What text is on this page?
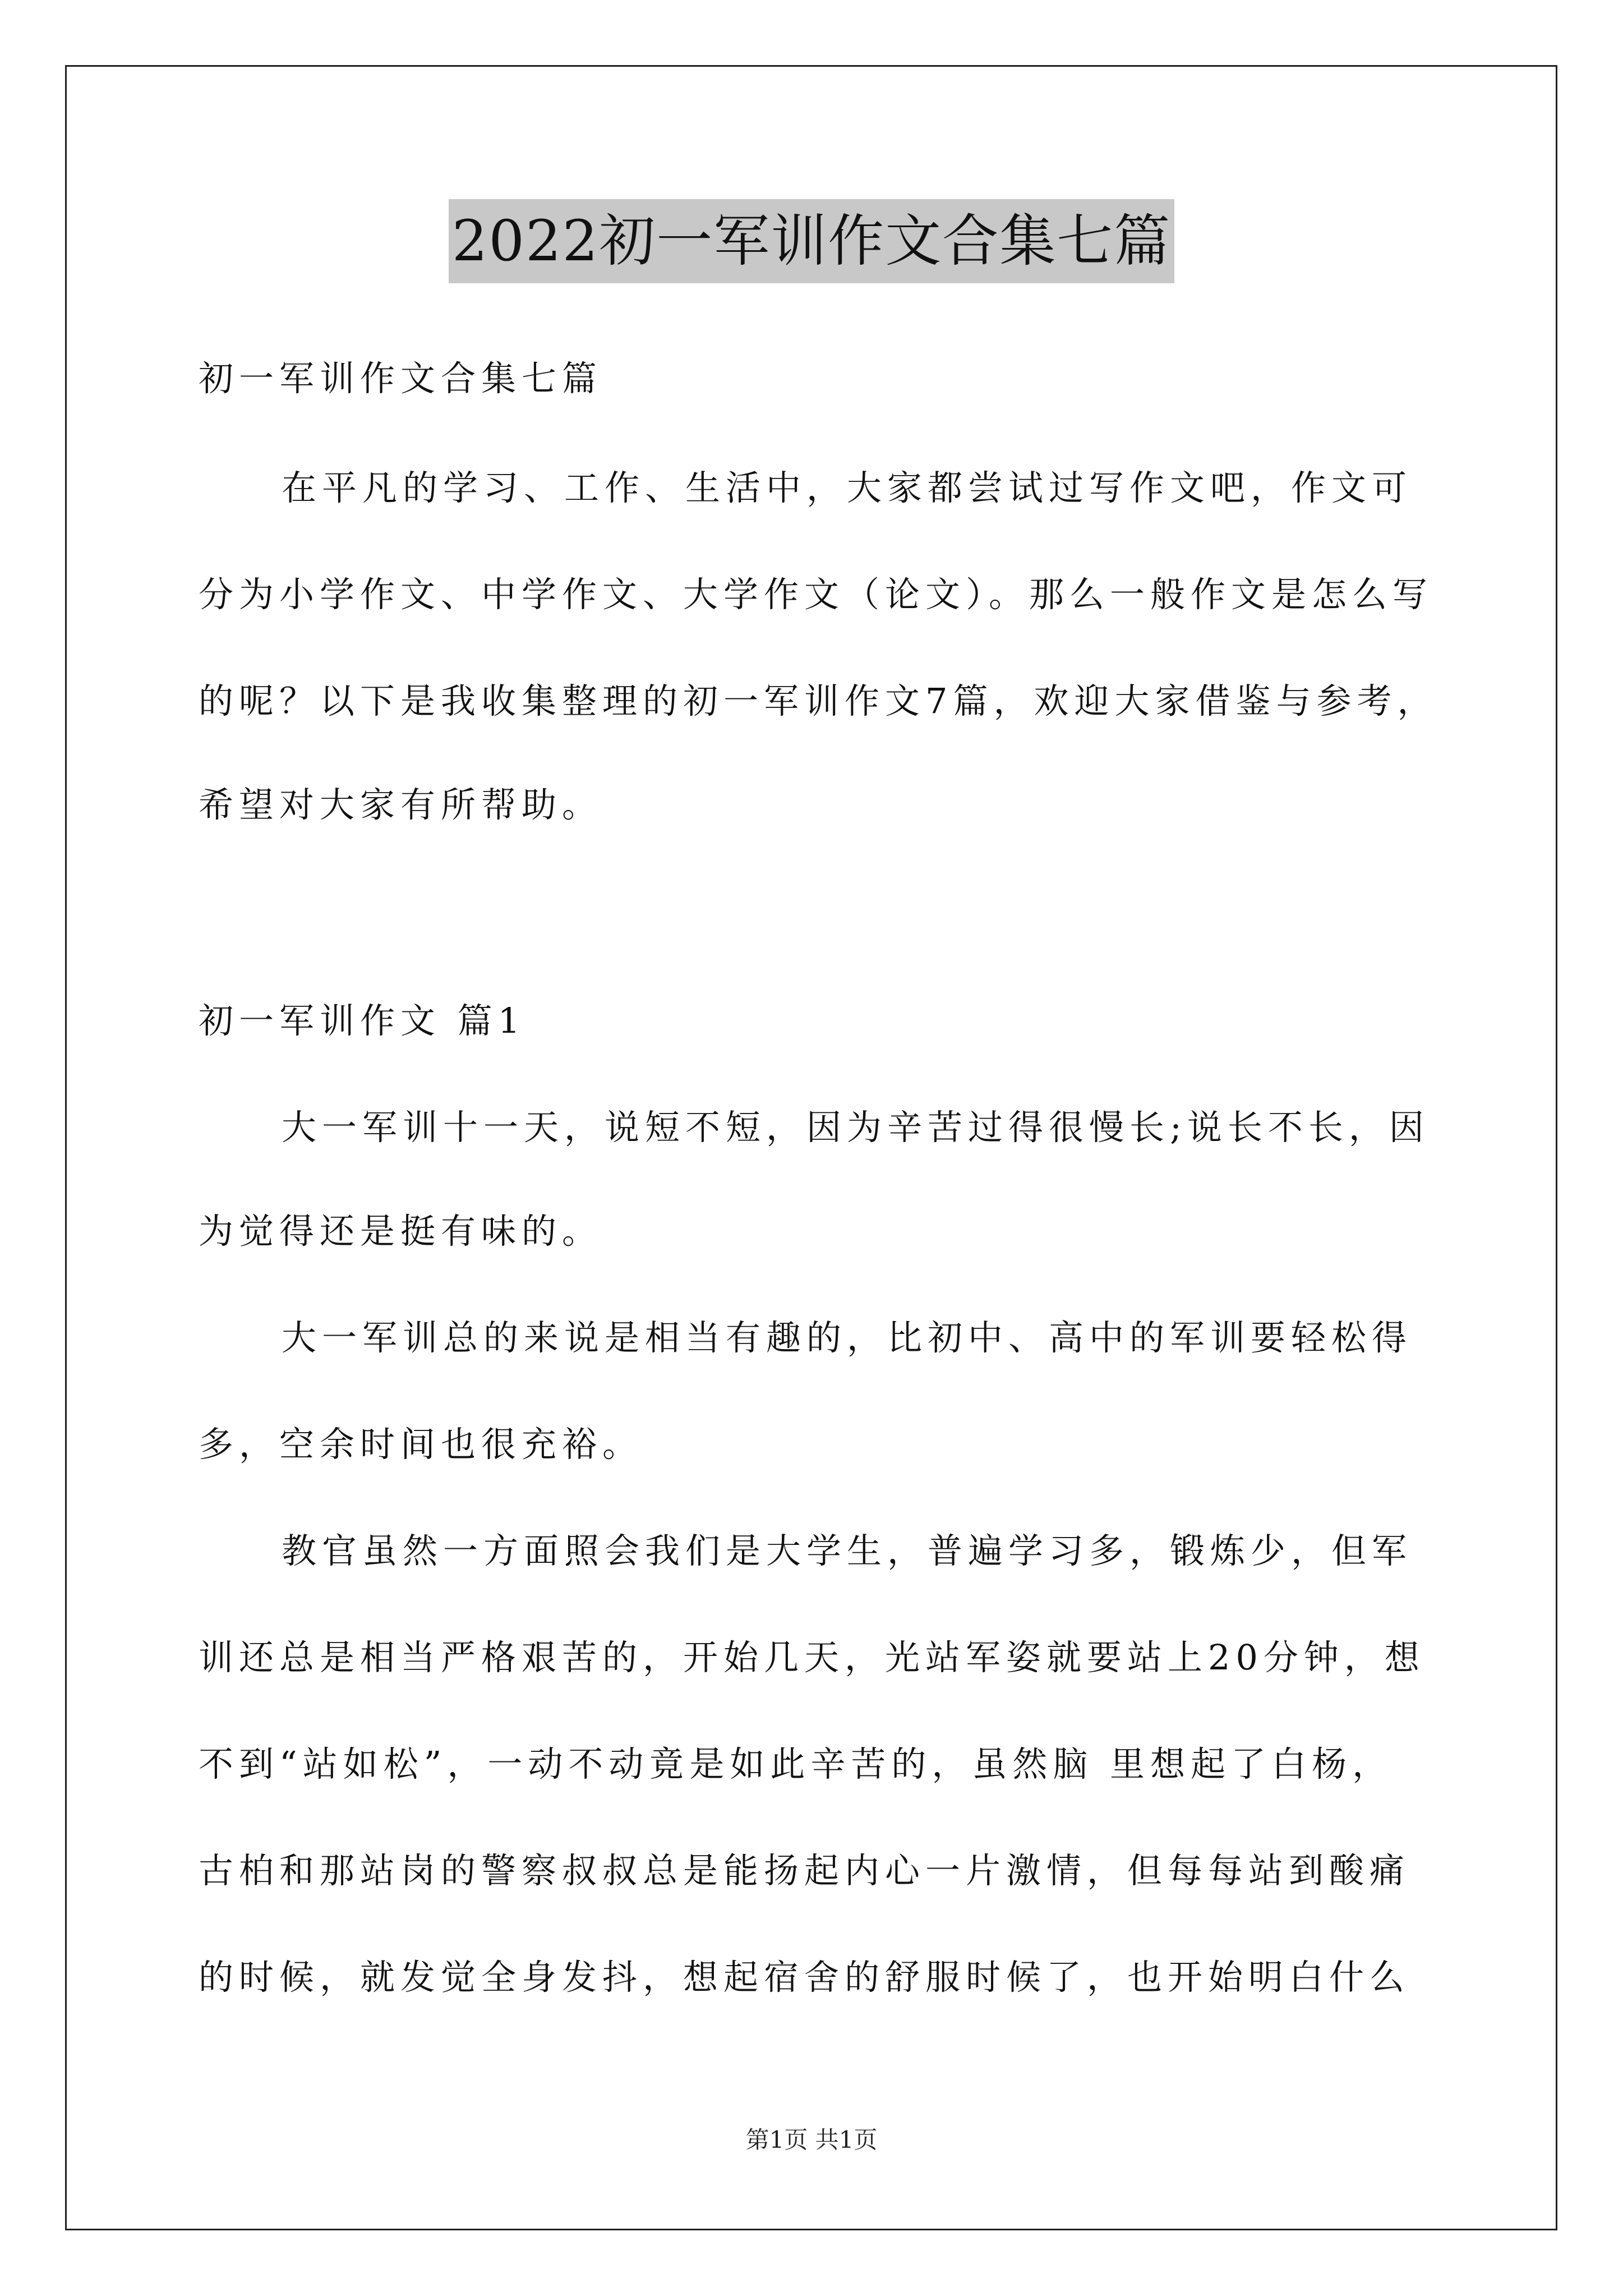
2022初一军训作文合集七篇
初一军训作文合集七篇
在平凡的学习、工作、生活中，大家都尝试过写作文吧，作文可
分为小学作文、中学作文、大学作文（论文）。那么一般作文是怎么写
的呢？以下是我收集整理的初一军训作文7篇，欢迎大家借鉴与参考，
希望对大家有所帮助。
初一军训作文 篇1
大一军训十一天，说短不短，因为辛苦过得很慢长;说长不长，因
为觉得还是挺有味的。
大一军训总的来说是相当有趣的，比初中、高中的军训要轻松得
多，空余时间也很充裕。
教官虽然一方面照会我们是大学生，普遍学习多，锻炼少，但军
训还总是相当严格艰苦的，开始几天，光站军姿就要站上20分钟，想
不到“站如松”，一动不动竟是如此辛苦的，虽然脑 里想起了白杨，
古柏和那站岗的警察叔叔总是能扬起内心一片激情，但每每站到酸痛
的时候，就发觉全身发抖，想起宿舍的舒服时候了，也开始明白什么
第1页 共1页
